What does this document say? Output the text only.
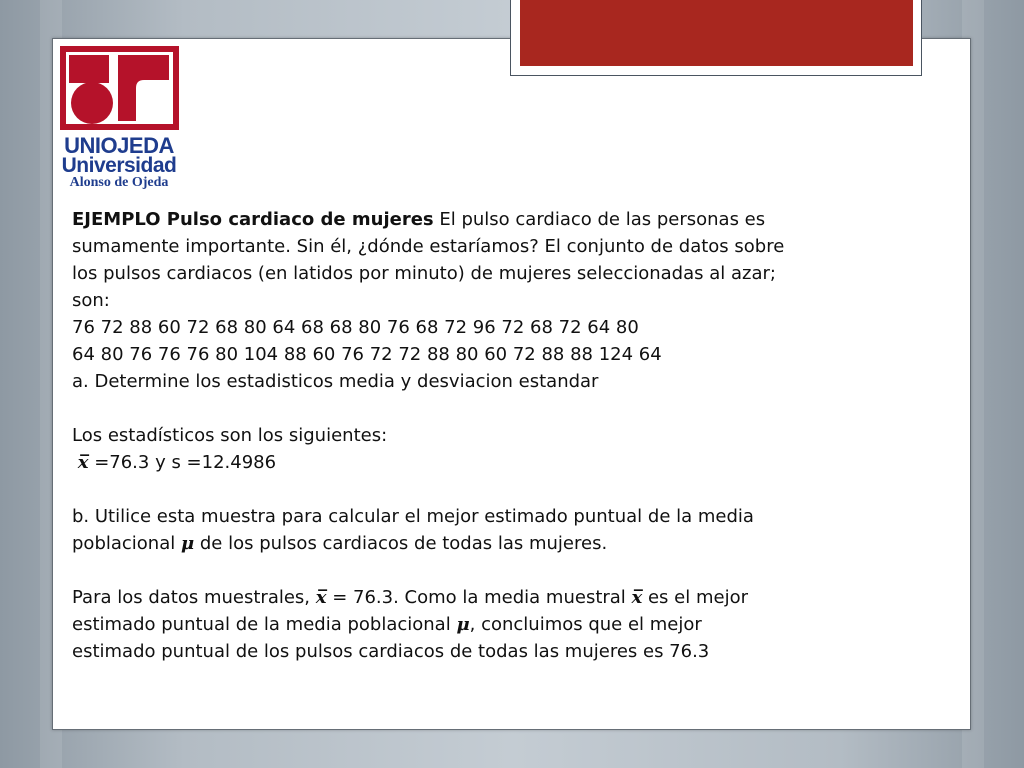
UNIOJEDA
Universidad
Alonso de Ojeda

EJEMPLO Pulso cardiaco de mujeres El pulso cardiaco de las personas es

sumamente importante. Sin él, ¿dónde estaríamos? El conjunto de datos sobre

los pulsos cardiacos (en latidos por minuto) de mujeres seleccionadas al azar;

son:

76 72 88 60 72 68 80 64 68 68 80 76 68 72 96 72 68 72 64 80

64 80 76 76 76 80 104 88 60 76 72 72 88 80 60 72 88 88 124 64

a. Determine los estadisticos media y desviacion estandar

Los estadísticos son los siguientes:

x̅ =76.3 y s =12.4986

b. Utilice esta muestra para calcular el mejor estimado puntual de la media

poblacional μ de los pulsos cardiacos de todas las mujeres.

Para los datos muestrales, x̅ = 76.3. Como la media muestral x̅ es el mejor

estimado puntual de la media poblacional μ, concluimos que el mejor

estimado puntual de los pulsos cardiacos de todas las mujeres es 76.3
